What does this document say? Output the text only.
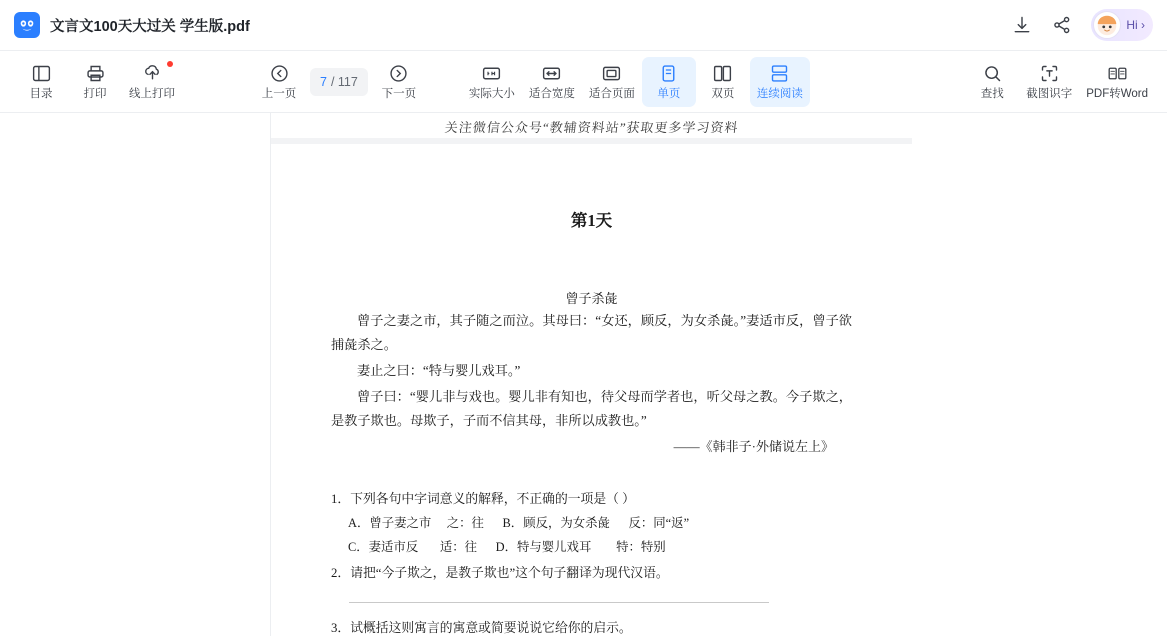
文言文100天大过关 学生版.pdf	Hi ›
目录	打印 线上打印	上一页
7 / 117
下一页	实际大小 适合宽度 适合页面 单页	双页 连续阅读	查找 截图识字 PDF转Word
关注微信公众号“教辅资料站”获取更多学习资料
第1天
曾子杀彘
曾子之妻之市，其子随之而泣。其母曰：“女还，顾反，为女杀彘。”妻适市反，曾子欲捕彘杀之。
妻止之曰：“特与婴儿戏耳。”
曾子曰：“婴儿非与戏也。婴儿非有知也，待父母而学者也，听父母之教。今子欺之，是教子欺也。母欺子，子而不信其母，非所以成教也。”
——《韩非子·外储说左上》
1．下列各句中字词意义的解释，不正确的一项是（ ）
A．曾子妻之市     之：往      B．顾反，为女杀彘      反：同“返”
C．妻适市反       适：往      D．特与婴儿戏耳        特：特别
2．请把“今子欺之，是教子欺也”这个句子翻译为现代汉语。
3．试概括这则寓言的寓意或简要说说它给你的启示。
